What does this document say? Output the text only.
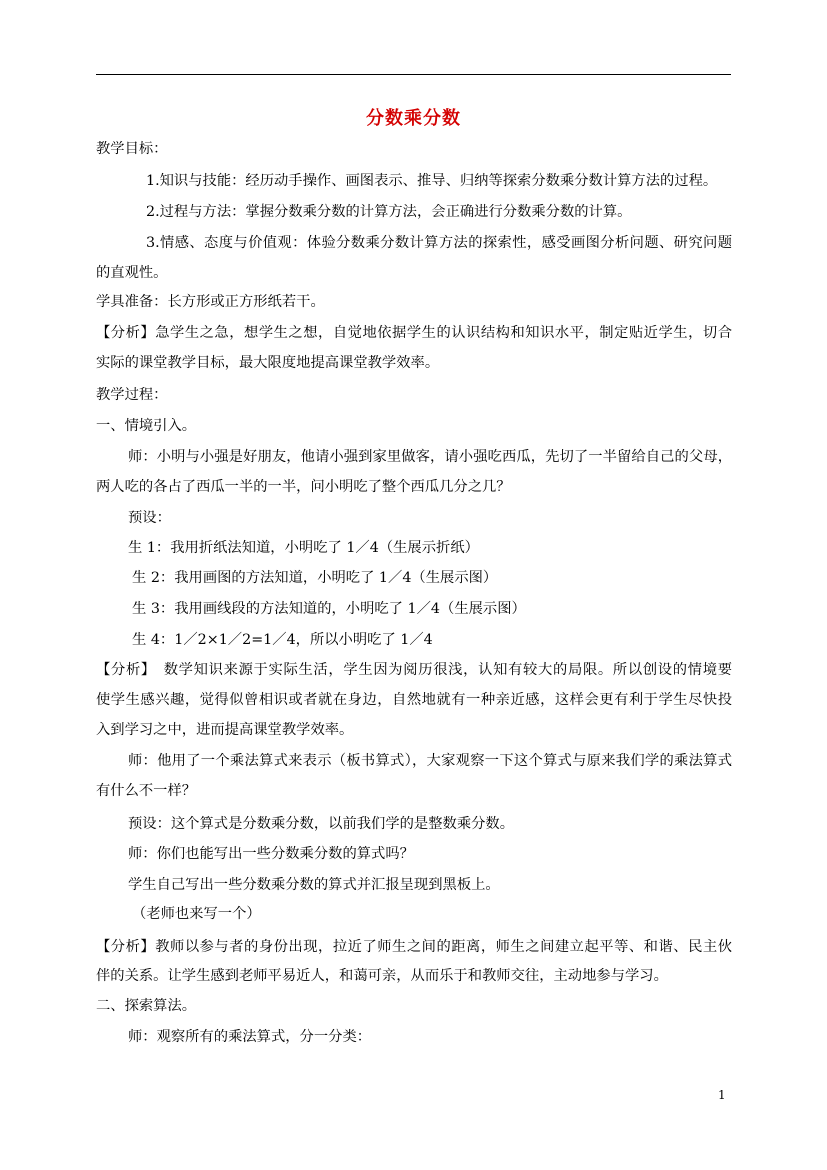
分数乘分数
教学目标：
1.知识与技能：经历动手操作、画图表示、推导、归纳等探索分数乘分数计算方法的过程。
2.过程与方法：掌握分数乘分数的计算方法，会正确进行分数乘分数的计算。
3.情感、态度与价值观：体验分数乘分数计算方法的探索性，感受画图分析问题、研究问题
的直观性。
学具准备：长方形或正方形纸若干。
【分析】急学生之急，想学生之想，自觉地依据学生的认识结构和知识水平，制定贴近学生，切合
实际的课堂教学目标，最大限度地提高课堂教学效率。
教学过程：
一、情境引入。
师：小明与小强是好朋友，他请小强到家里做客，请小强吃西瓜，先切了一半留给自己的父母，
两人吃的各占了西瓜一半的一半，问小明吃了整个西瓜几分之几？
预设：
生 1：我用折纸法知道，小明吃了 1／4（生展示折纸）
生 2：我用画图的方法知道，小明吃了 1／4（生展示图）
生 3：我用画线段的方法知道的，小明吃了 1／4（生展示图）
生 4：1／2×1／2=1／4，所以小明吃了 1／4
【分析】　数学知识来源于实际生活，学生因为阅历很浅，认知有较大的局限。所以创设的情境要
使学生感兴趣，觉得似曾相识或者就在身边，自然地就有一种亲近感，这样会更有利于学生尽快投
入到学习之中，进而提高课堂教学效率。
师：他用了一个乘法算式来表示（板书算式），大家观察一下这个算式与原来我们学的乘法算式
有什么不一样？
预设：这个算式是分数乘分数，以前我们学的是整数乘分数。
师：你们也能写出一些分数乘分数的算式吗？
学生自己写出一些分数乘分数的算式并汇报呈现到黑板上。
（老师也来写一个）
【分析】教师以参与者的身份出现，拉近了师生之间的距离，师生之间建立起平等、和谐、民主伙
伴的关系。让学生感到老师平易近人，和蔼可亲，从而乐于和教师交往，主动地参与学习。
二、探索算法。
师：观察所有的乘法算式，分一分类：
1
